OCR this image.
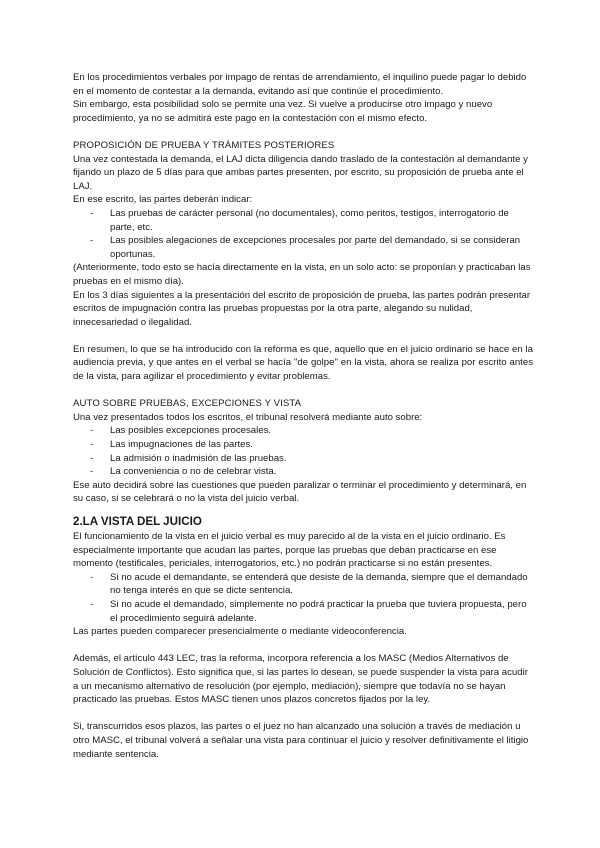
En los procedimientos verbales por impago de rentas de arrendamiento, el inquilino puede pagar lo debido en el momento de contestar a la demanda, evitando así que continúe el procedimiento.

Sin embargo, esta posibilidad solo se permite una vez. Si vuelve a producirse otro impago y nuevo procedimiento, ya no se admitirá este pago en la contestación con el mismo efecto.

PROPOSICIÓN DE PRUEBA Y TRÁMITES POSTERIORES

Una vez contestada la demanda, el LAJ dicta diligencia dando traslado de la contestación al demandante y fijando un plazo de 5 días para que ambas partes presenten, por escrito, su proposición de prueba ante el LAJ.

En ese escrito, las partes deberán indicar:

- Las pruebas de carácter personal (no documentales), como peritos, testigos, interrogatorio de parte, etc.
- Las posibles alegaciones de excepciones procesales por parte del demandado, si se consideran oportunas.

(Anteriormente, todo esto se hacía directamente en la vista, en un solo acto: se proponían y practicaban las pruebas en el mismo día).

En los 3 días siguientes a la presentación del escrito de proposición de prueba, las partes podrán presentar escritos de impugnación contra las pruebas propuestas por la otra parte, alegando su nulidad, innecesariedad o ilegalidad.

En resumen, lo que se ha introducido con la reforma es que, aquello que en el juicio ordinario se hace en la audiencia previa, y que antes en el verbal se hacía "de golpe" en la vista, ahora se realiza por escrito antes de la vista, para agilizar el procedimiento y evitar problemas.

AUTO SOBRE PRUEBAS, EXCEPCIONES Y VISTA

Una vez presentados todos los escritos, el tribunal resolverá mediante auto sobre:

- Las posibles excepciones procesales.
- Las impugnaciones de las partes.
- La admisión o inadmisión de las pruebas.
- La conveniencia o no de celebrar vista.

Ese auto decidirá sobre las cuestiones que pueden paralizar o terminar el procedimiento y determinará, en su caso, si se celebrará o no la vista del juicio verbal.

2.LA VISTA DEL JUICIO

El funcionamiento de la vista en el juicio verbal es muy parecido al de la vista en el juicio ordinario. Es especialmente importante que acudan las partes, porque las pruebas que deban practicarse en ese momento (testificales, periciales, interrogatorios, etc.) no podrán practicarse si no están presentes.

- Si no acude el demandante, se entenderá que desiste de la demanda, siempre que el demandado no tenga interés en que se dicte sentencia.
- Si no acude el demandado, simplemente no podrá practicar la prueba que tuviera propuesta, pero el procedimiento seguirá adelante.

Las partes pueden comparecer presencialmente o mediante videoconferencia.

Además, el artículo 443 LEC, tras la reforma, incorpora referencia a los MASC (Medios Alternativos de Solución de Conflictos). Esto significa que, si las partes lo desean, se puede suspender la vista para acudir a un mecanismo alternativo de resolución (por ejemplo, mediación), siempre que todavía no se hayan practicado las pruebas. Estos MASC tienen unos plazos concretos fijados por la ley.

Si, transcurridos esos plazos, las partes o el juez no han alcanzado una solución a través de mediación u otro MASC, el tribunal volverá a señalar una vista para continuar el juicio y resolver definitivamente el litigio mediante sentencia.
